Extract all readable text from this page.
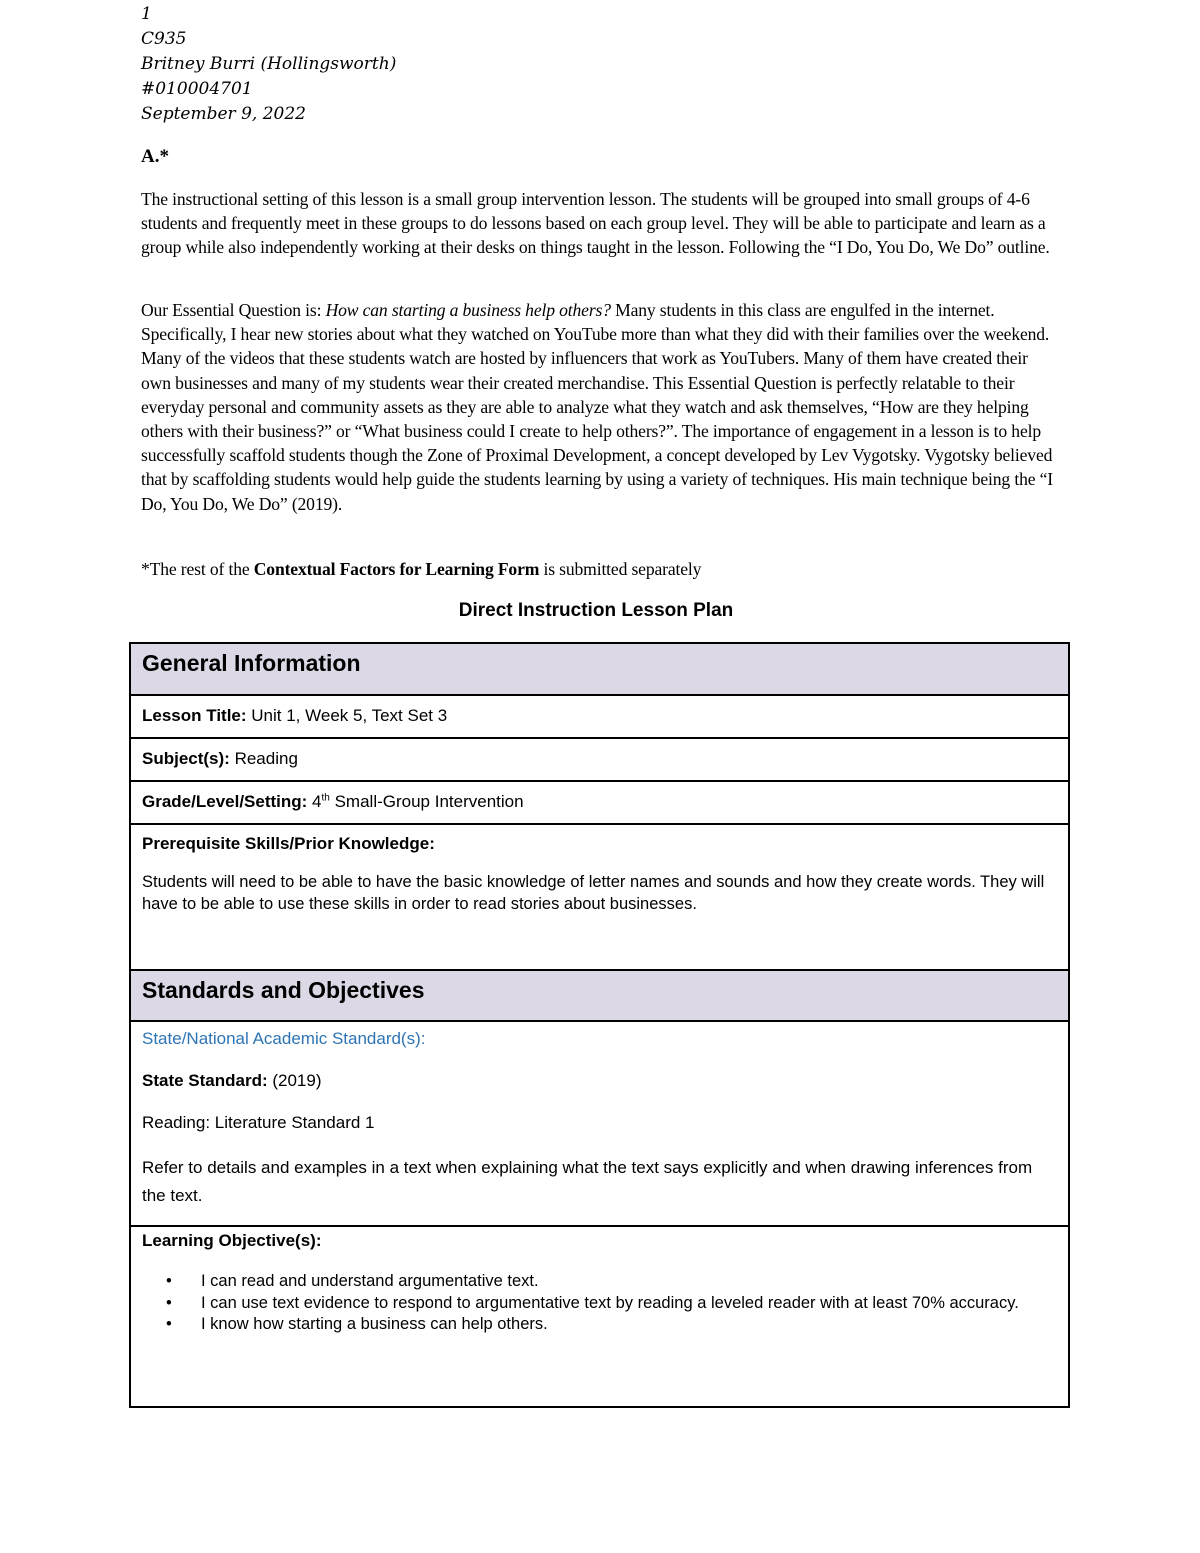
1
C935
Britney Burri (Hollingsworth)
#010004701
September 9, 2022
A.*

The instructional setting of this lesson is a small group intervention lesson. The students will be grouped into small groups of 4-6 students and frequently meet in these groups to do lessons based on each group level. They will be able to participate and learn as a group while also independently working at their desks on things taught in the lesson. Following the “I Do, You Do, We Do” outline.

Our Essential Question is: How can starting a business help others? Many students in this class are engulfed in the internet. Specifically, I hear new stories about what they watched on YouTube more than what they did with their families over the weekend. Many of the videos that these students watch are hosted by influencers that work as YouTubers. Many of them have created their own businesses and many of my students wear their created merchandise. This Essential Question is perfectly relatable to their everyday personal and community assets as they are able to analyze what they watch and ask themselves, “How are they helping others with their business?” or “What business could I create to help others?”. The importance of engagement in a lesson is to help successfully scaffold students though the Zone of Proximal Development, a concept developed by Lev Vygotsky. Vygotsky believed that by scaffolding students would help guide the students learning by using a variety of techniques. His main technique being the “I Do, You Do, We Do” (2019).

*The rest of the Contextual Factors for Learning Form is submitted separately

Direct Instruction Lesson Plan
General Information
Lesson Title: Unit 1, Week 5, Text Set 3
Subject(s): Reading
Grade/Level/Setting: 4th Small-Group Intervention
Prerequisite Skills/Prior Knowledge:
Students will need to be able to have the basic knowledge of letter names and sounds and how they create words. They will have to be able to use these skills in order to read stories about businesses.
Standards and Objectives
State/National Academic Standard(s):
State Standard: (2019)
Reading: Literature Standard 1
Refer to details and examples in a text when explaining what the text says explicitly and when drawing inferences from the text.
Learning Objective(s):
• I can read and understand argumentative text.
• I can use text evidence to respond to argumentative text by reading a leveled reader with at least 70% accuracy.
• I know how starting a business can help others.
